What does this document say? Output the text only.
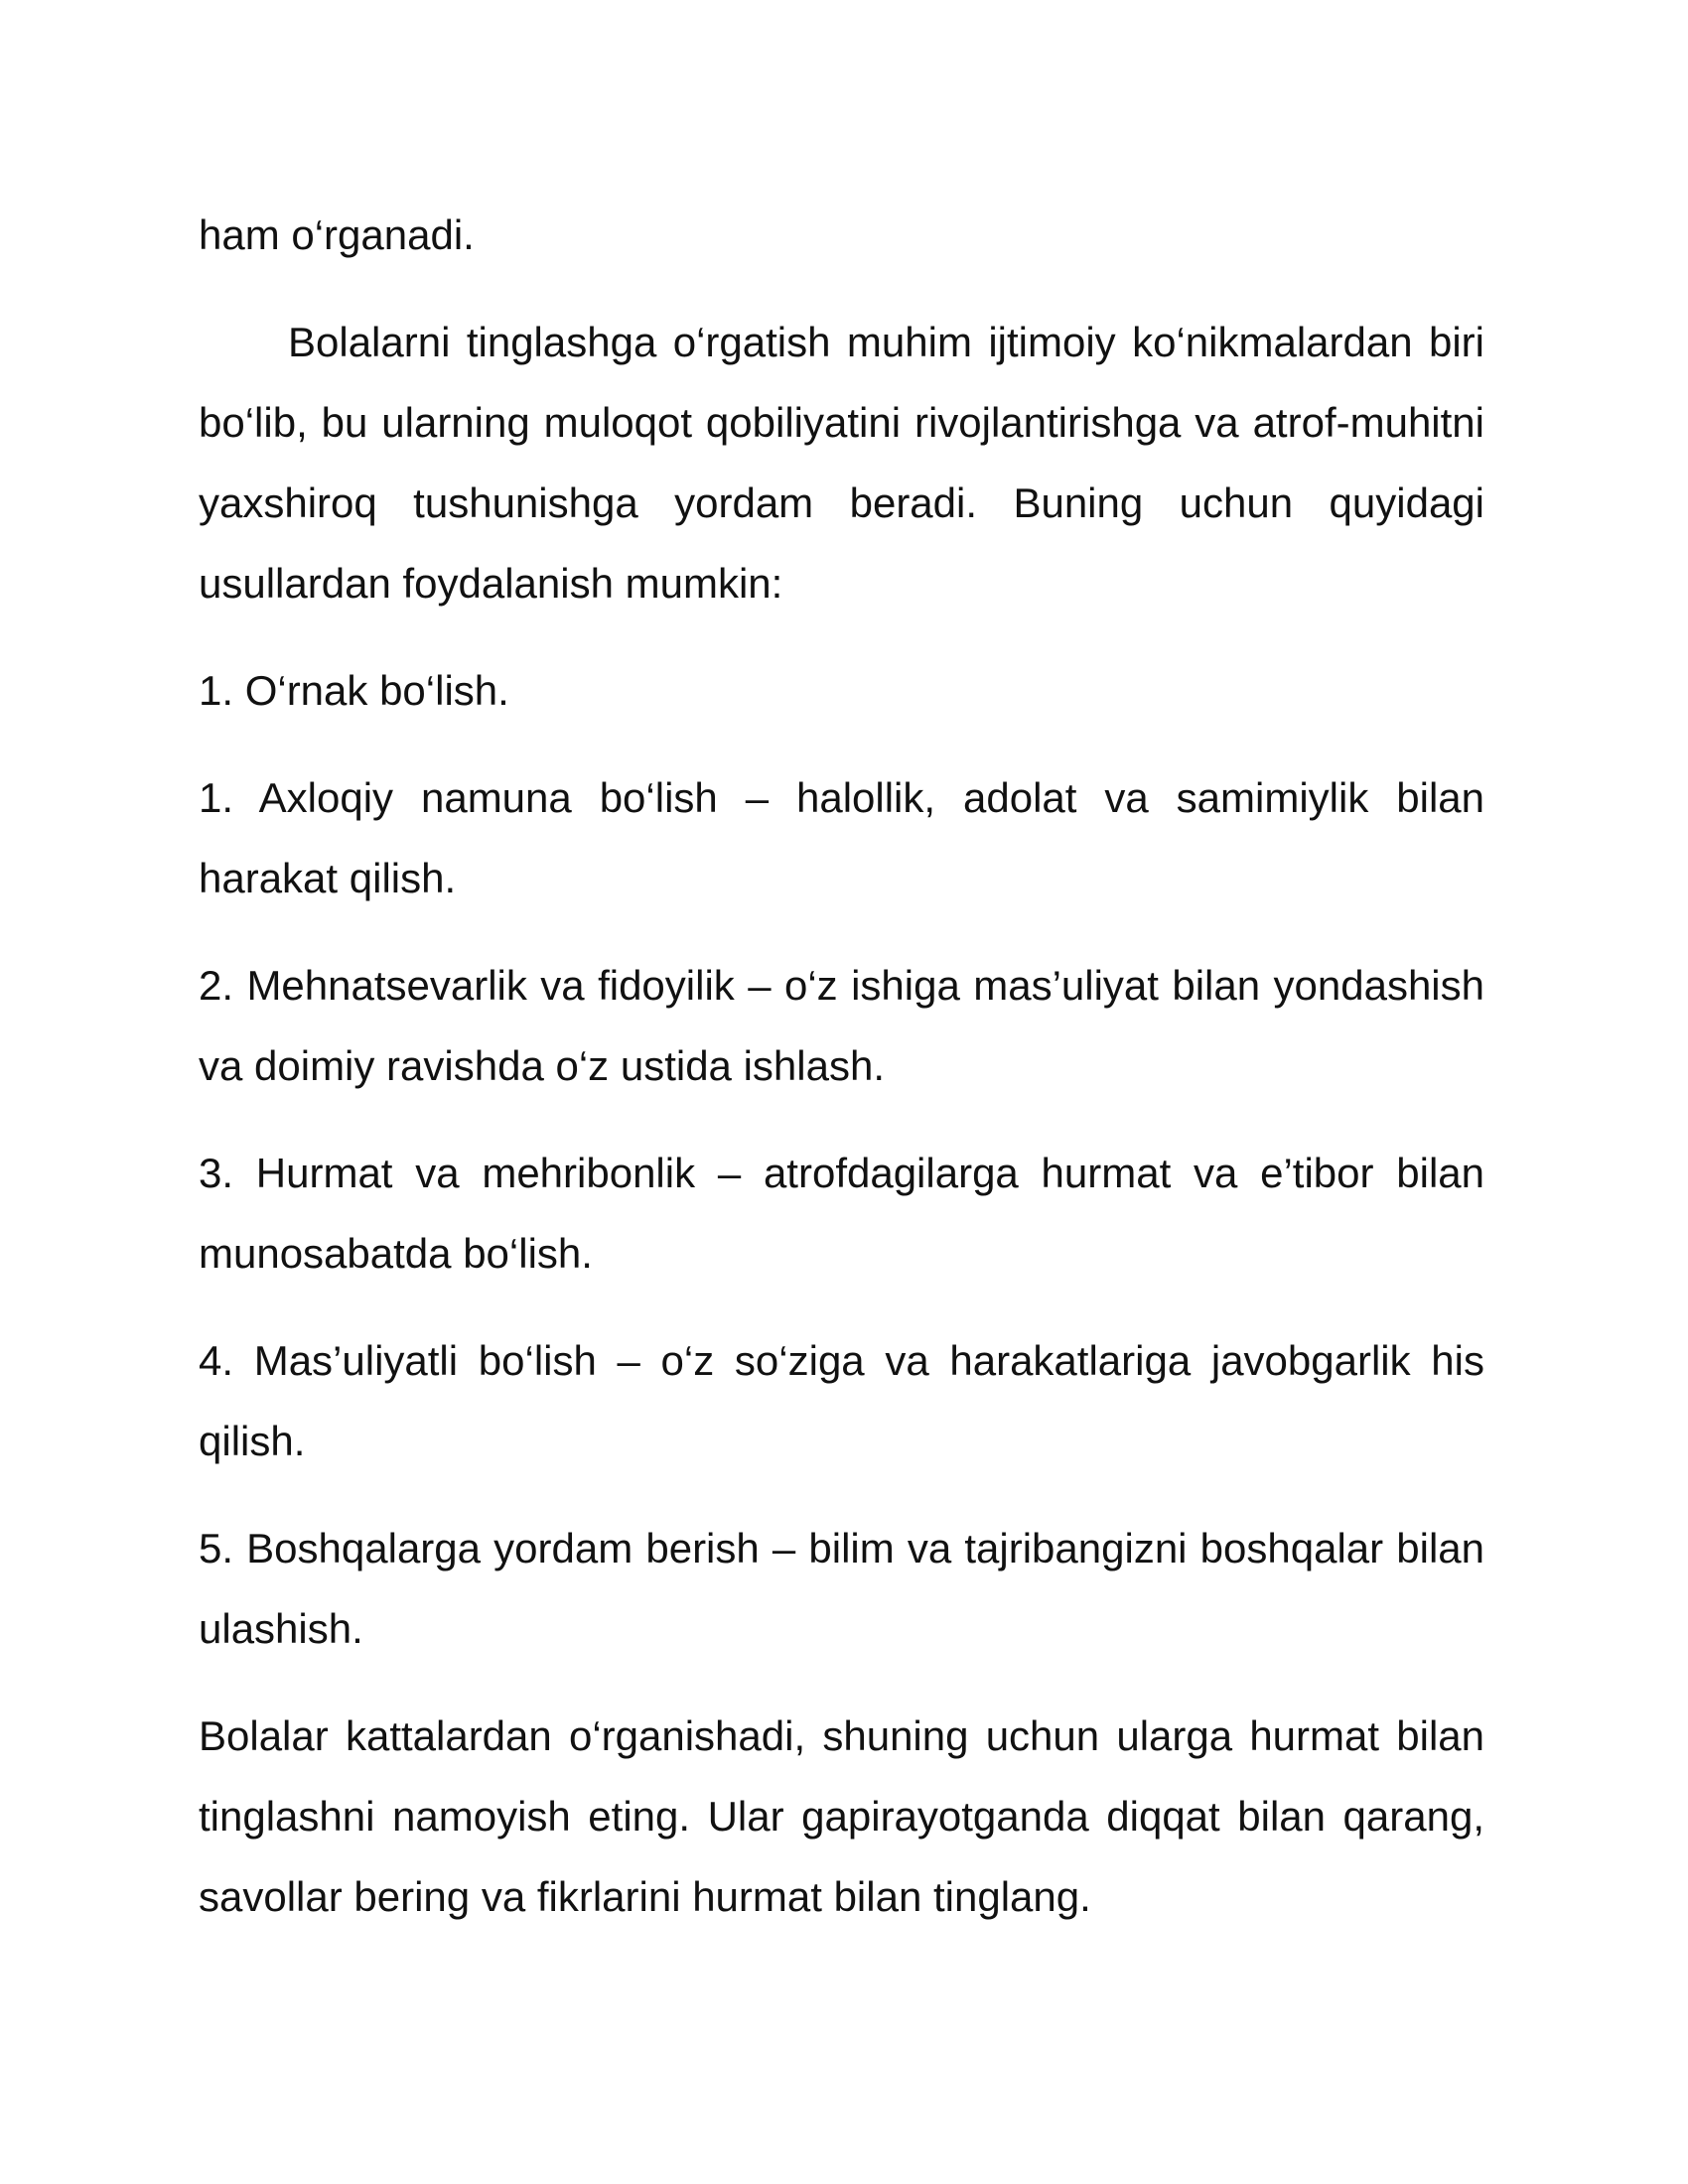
ham o‘rganadi.

Bolalarni tinglashga o‘rgatish muhim ijtimoiy ko‘nikmalardan biri bo‘lib, bu ularning muloqot qobiliyatini rivojlantirishga va atrof-muhitni yaxshiroq tushunishga yordam beradi. Buning uchun quyidagi usullardan foydalanish mumkin:

1. O‘rnak bo‘lish.

1. Axloqiy namuna bo‘lish – halollik, adolat va samimiylik bilan harakat qilish.

2. Mehnatsevarlik va fidoyilik – o‘z ishiga mas’uliyat bilan yondashish va doimiy ravishda o‘z ustida ishlash.

3. Hurmat va mehribonlik – atrofdagilarga hurmat va e’tibor bilan munosabatda bo‘lish.

4. Mas’uliyatli bo‘lish – o‘z so‘ziga va harakatlariga javobgarlik his qilish.

5. Boshqalarga yordam berish – bilim va tajribangizni boshqalar bilan ulashish.

Bolalar kattalardan o‘rganishadi, shuning uchun ularga hurmat bilan tinglashni namoyish eting. Ular gapirayotganda diqqat bilan qarang, savollar bering va fikrlarini hurmat bilan tinglang.
